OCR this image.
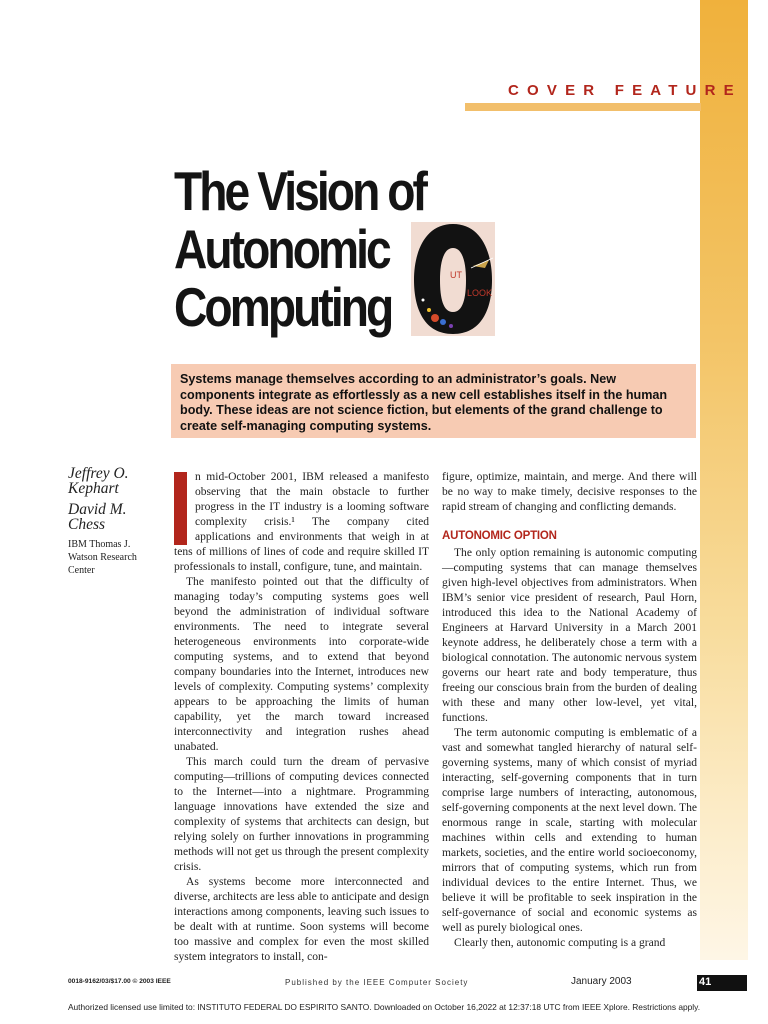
COVER FEATURE
The Vision of
Autonomic
Computing
UT
LOOK

Systems manage themselves according to an administrator’s goals. New components integrate as effortlessly as a new cell establishes itself in the human body. These ideas are not science fiction, but elements of the grand challenge to create self-managing computing systems.

Jeffrey O. Kephart

David M. Chess

IBM Thomas J. Watson Research Center

n mid-October 2001, IBM released a manifesto observing that the main obstacle to further progress in the IT industry is a looming software complexity crisis.¹ The company cited applications and environments that weigh in at tens of millions of lines of code and require skilled IT professionals to install, configure, tune, and maintain.

The manifesto pointed out that the difficulty of managing today’s computing systems goes well beyond the administration of individual software environments. The need to integrate several heterogeneous environments into corporate-wide computing systems, and to extend that beyond company boundaries into the Internet, introduces new levels of complexity. Computing systems’ complexity appears to be approaching the limits of human capability, yet the march toward increased interconnectivity and integration rushes ahead unabated.

This march could turn the dream of pervasive computing—trillions of computing devices connected to the Internet—into a nightmare. Programming language innovations have extended the size and complexity of systems that architects can design, but relying solely on further innovations in programming methods will not get us through the present complexity crisis.

As systems become more interconnected and diverse, architects are less able to anticipate and design interactions among components, leaving such issues to be dealt with at runtime. Soon systems will become too massive and complex for even the most skilled system integrators to install, con-

figure, optimize, maintain, and merge. And there will be no way to make timely, decisive responses to the rapid stream of changing and conflicting demands.

AUTONOMIC OPTION

The only option remaining is autonomic computing—computing systems that can manage themselves given high-level objectives from administrators. When IBM’s senior vice president of research, Paul Horn, introduced this idea to the National Academy of Engineers at Harvard University in a March 2001 keynote address, he deliberately chose a term with a biological connotation. The autonomic nervous system governs our heart rate and body temperature, thus freeing our conscious brain from the burden of dealing with these and many other low-level, yet vital, functions.

The term autonomic computing is emblematic of a vast and somewhat tangled hierarchy of natural self-governing systems, many of which consist of myriad interacting, self-governing components that in turn comprise large numbers of interacting, autonomous, self-governing components at the next level down. The enormous range in scale, starting with molecular machines within cells and extending to human markets, societies, and the entire world socioeconomy, mirrors that of computing systems, which run from individual devices to the entire Internet. Thus, we believe it will be profitable to seek inspiration in the self-governance of social and economic systems as well as purely biological ones.

Clearly then, autonomic computing is a grand

0018-9162/03/$17.00 © 2003 IEEE	Published by the IEEE Computer Society	January 2003	41
Authorized licensed use limited to: INSTITUTO FEDERAL DO ESPIRITO SANTO. Downloaded on October 16,2022 at 12:37:18 UTC from IEEE Xplore. Restrictions apply.
